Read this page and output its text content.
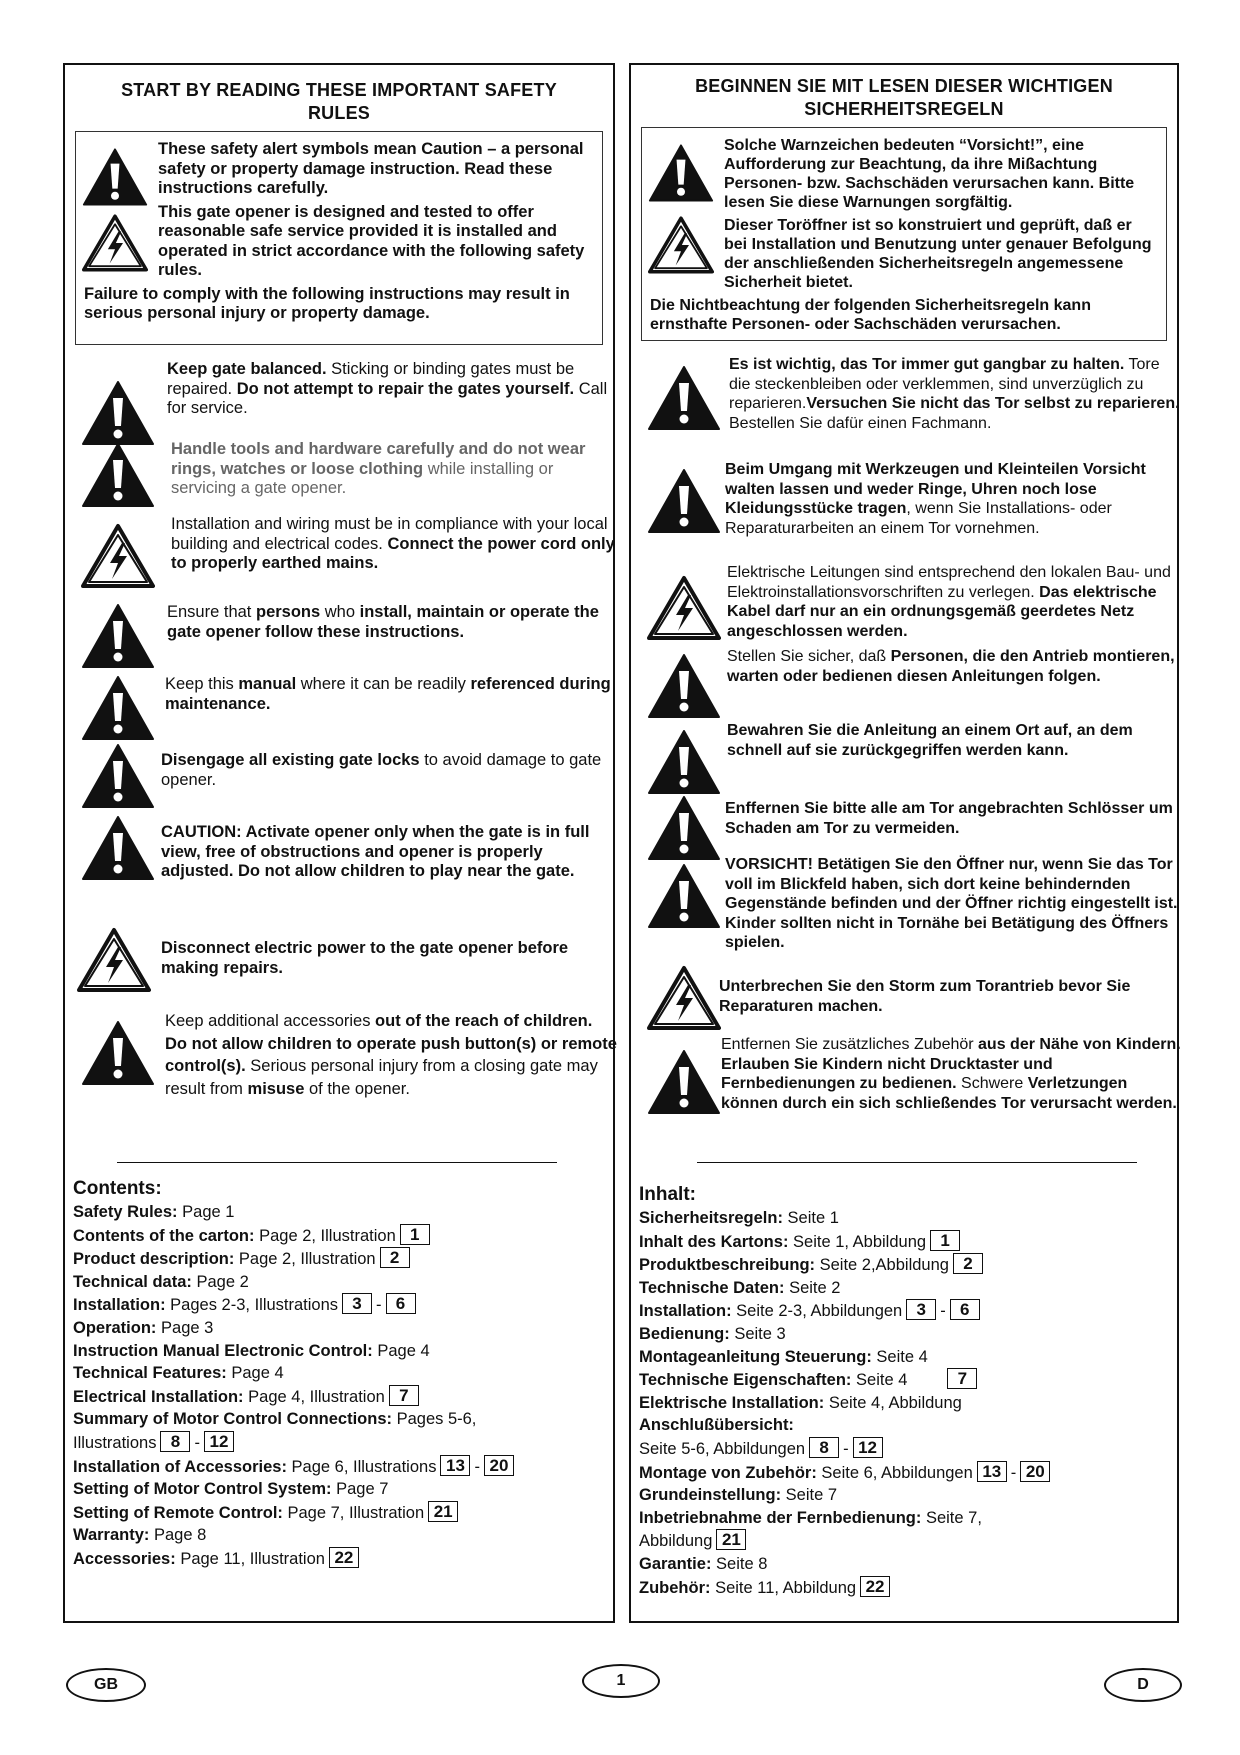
START BY READING THESE IMPORTANT SAFETY RULES

These safety alert symbols mean Caution – a personal safety or property damage instruction. Read these instructions carefully.

This gate opener is designed and tested to offer reasonable safe service provided it is installed and operated in strict accordance with the following safety rules.

Failure to comply with the following instructions may result in serious personal injury or property damage.
Keep gate balanced. Sticking or binding gates must be repaired. Do not attempt to repair the gates yourself. Call for service.
Handle tools and hardware carefully and do not wear rings, watches or loose clothing while installing or servicing a gate opener.
Installation and wiring must be in compliance with your local building and electrical codes. Connect the power cord only to properly earthed mains.
Ensure that persons who install, maintain or operate the gate opener follow these instructions.
Keep this manual where it can be readily referenced during maintenance.
Disengage all existing gate locks to avoid damage to gate opener.
CAUTION: Activate opener only when the gate is in full view, free of obstructions and opener is properly adjusted. Do not allow children to play near the gate.
Disconnect electric power to the gate opener before making repairs.
Keep additional accessories out of the reach of children. Do not allow children to operate push button(s) or remote control(s). Serious personal injury from a closing gate may result from misuse of the opener.
Contents:
Safety Rules: Page 1
Contents of the carton: Page 2, Illustration 1
Product description: Page 2, Illustration 2
Technical data: Page 2
Installation: Pages 2-3, Illustrations 3 - 6
Operation: Page 3
Instruction Manual Electronic Control: Page 4
Technical Features: Page 4
Electrical Installation: Page 4, Illustration 7
Summary of Motor Control Connections: Pages 5-6,
Illustrations 8 - 12
Installation of Accessories: Page 6, Illustrations 13 - 20
Setting of Motor Control System: Page 7
Setting of Remote Control: Page 7, Illustration 21
Warranty: Page 8
Accessories: Page 11, Illustration 22
BEGINNEN SIE MIT LESEN DIESER WICHTIGEN SICHERHEITSREGELN

Solche Warnzeichen bedeuten “Vorsicht!”, eine Aufforderung zur Beachtung, da ihre Mißachtung Personen- bzw. Sachschäden verursachen kann. Bitte lesen Sie diese Warnungen sorgfältig.

Dieser Toröffner ist so konstruiert und geprüft, daß er bei Installation und Benutzung unter genauer Befolgung der anschließenden Sicherheitsregeln angemessene Sicherheit bietet.

Die Nichtbeachtung der folgenden Sicherheitsregeln kann ernsthafte Personen- oder Sachschäden verursachen.
Es ist wichtig, das Tor immer gut gangbar zu halten. Tore die steckenbleiben oder verklemmen, sind unverzüglich zu reparieren.Versuchen Sie nicht das Tor selbst zu reparieren. Bestellen Sie dafür einen Fachmann.
Beim Umgang mit Werkzeugen und Kleinteilen Vorsicht walten lassen und weder Ringe, Uhren noch lose Kleidungsstücke tragen, wenn Sie Installations- oder Reparaturarbeiten an einem Tor vornehmen.
Elektrische Leitungen sind entsprechend den lokalen Bau- und Elektroinstallationsvorschriften zu verlegen. Das elektrische Kabel darf nur an ein ordnungsgemäß geerdetes Netz angeschlossen werden.
Stellen Sie sicher, daß Personen, die den Antrieb montieren, warten oder bedienen diesen Anleitungen folgen.
Bewahren Sie die Anleitung an einem Ort auf, an dem schnell auf sie zurückgegriffen werden kann.
Enffernen Sie bitte alle am Tor angebrachten Schlösser um Schaden am Tor zu vermeiden.
VORSICHT! Betätigen Sie den Öffner nur, wenn Sie das Tor voll im Blickfeld haben, sich dort keine behindernden Gegenstände befinden und der Öffner richtig eingestellt ist. Kinder sollten nicht in Tornähe bei Betätigung des Öffners spielen.
Unterbrechen Sie den Storm zum Torantrieb bevor Sie Reparaturen machen.
Entfernen Sie zusätzliches Zubehör aus der Nähe von Kindern. Erlauben Sie Kindern nicht Drucktaster und Fernbedienungen zu bedienen. Schwere Verletzungen können durch ein sich schließendes Tor verursacht werden.
Inhalt:
Sicherheitsregeln: Seite 1
Inhalt des Kartons: Seite 1, Abbildung 1
Produktbeschreibung: Seite 2,Abbildung 2
Technische Daten: Seite 2
Installation: Seite 2-3, Abbildungen 3 - 6
Bedienung: Seite 3
Montageanleitung Steuerung: Seite 4
Technische Eigenschaften: Seite 4	7
Elektrische Installation: Seite 4, Abbildung
Anschlußübersicht:
Seite 5-6, Abbildungen 8 - 12
Montage von Zubehör: Seite 6, Abbildungen 13 - 20
Grundeinstellung: Seite 7
Inbetriebnahme der Fernbedienung: Seite 7,
Abbildung 21
Garantie: Seite 8
Zubehör: Seite 11, Abbildung 22
GB	1	D
